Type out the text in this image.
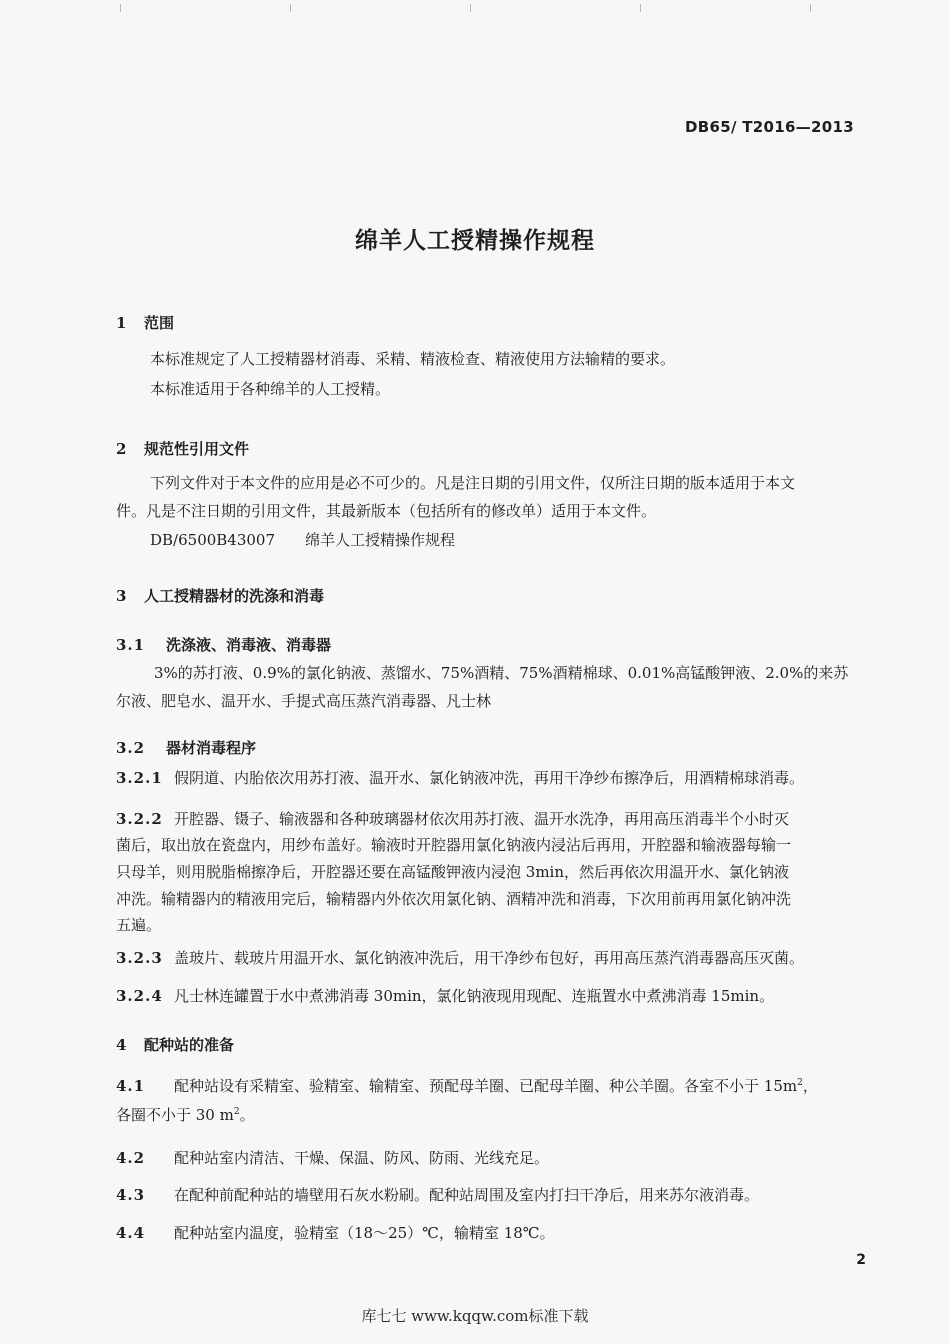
DB65/ T2016—2013
绵羊人工授精操作规程
1 范围
本标准规定了人工授精器材消毒、采精、精液检查、精液使用方法输精的要求。
本标准适用于各种绵羊的人工授精。
2 规范性引用文件
下列文件对于本文件的应用是必不可少的。凡是注日期的引用文件，仅所注日期的版本适用于本文
件。凡是不注日期的引用文件，其最新版本（包括所有的修改单）适用于本文件。
DB/6500B43007 绵羊人工授精操作规程
3 人工授精器材的洗涤和消毒
3.1 洗涤液、消毒液、消毒器
3%的苏打液、0.9%的氯化钠液、蒸馏水、75%酒精、75%酒精棉球、0.01%高锰酸钾液、2.0%的来苏
尔液、肥皂水、温开水、手提式高压蒸汽消毒器、凡士林
3.2 器材消毒程序
3.2.1 假阴道、内胎依次用苏打液、温开水、氯化钠液冲洗，再用干净纱布擦净后，用酒精棉球消毒。
3.2.2 开腔器、镊子、输液器和各种玻璃器材依次用苏打液、温开水洗净，再用高压消毒半个小时灭
菌后，取出放在瓷盘内，用纱布盖好。输液时开腔器用氯化钠液内浸沾后再用，开腔器和输液器每输一
只母羊，则用脱脂棉擦净后，开腔器还要在高锰酸钾液内浸泡 3min，然后再依次用温开水、氯化钠液
冲洗。输精器内的精液用完后，输精器内外依次用氯化钠、酒精冲洗和消毒，下次用前再用氯化钠冲洗
五遍。
3.2.3 盖玻片、载玻片用温开水、氯化钠液冲洗后，用干净纱布包好，再用高压蒸汽消毒器高压灭菌。
3.2.4 凡士林连罐置于水中煮沸消毒 30min，氯化钠液现用现配、连瓶置水中煮沸消毒 15min。
4 配种站的准备
4.1 配种站设有采精室、验精室、输精室、预配母羊圈、已配母羊圈、种公羊圈。各室不小于 $15m^2$，
各圈不小于 30 $m^2$。
4.2 配种站室内清洁、干燥、保温、防风、防雨、光线充足。
4.3 在配种前配种站的墙壁用石灰水粉刷。配种站周围及室内打扫干净后，用来苏尔液消毒。
4.4 配种站室内温度，验精室（18～25）℃，输精室 18℃。
2
库七七 www.kqqw.com标准下载
